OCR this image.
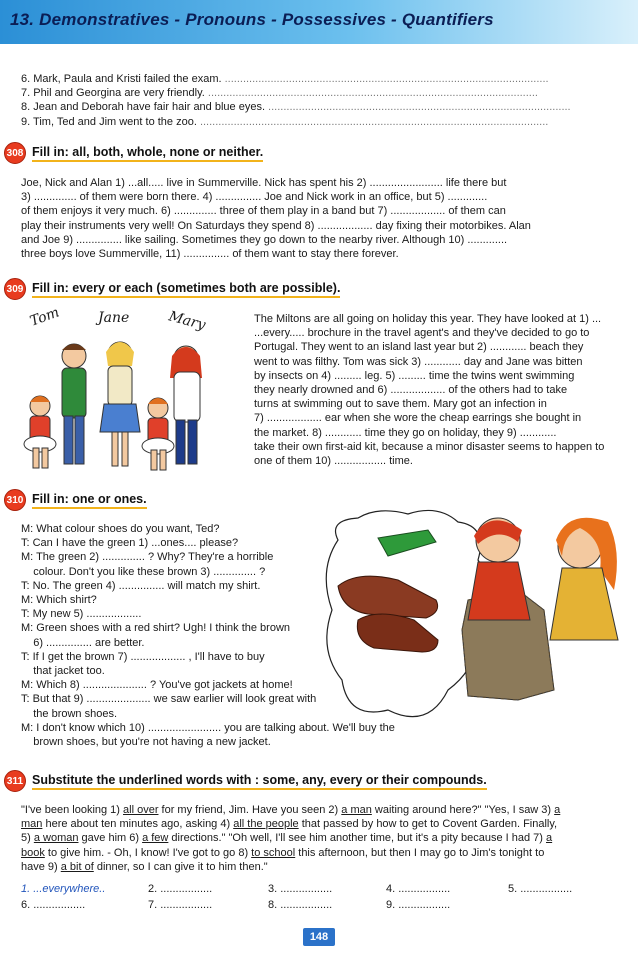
13. Demonstratives - Pronouns - Possessives - Quantifiers
6. Mark, Paula and Kristi failed the exam. ..........................................................................................................
7. Phil and Georgina are very friendly. ............................................................................................................
8. Jean and Deborah have fair hair and blue eyes. ...................................................................................................
9. Tim, Ted and Jim went to the zoo. ..................................................................................................................
308 Fill in: all, both, whole, none or neither.
Joe, Nick and Alan 1) ...all..... live in Summerville. Nick has spent his 2) ........................ life there but
3) .............. of them were born there. 4) ............... Joe and Nick work in an office, but 5) .............
of them enjoys it very much. 6) .............. three of them play in a band but 7) .................. of them can
play their instruments very well! On Saturdays they spend 8) .................. day fixing their motorbikes. Alan
and Joe 9) ............... like sailing. Sometimes they go down to the nearby river. Although 10) .............
three boys love Summerville, 11) ............... of them want to stay there forever.
309 Fill in: every or each (sometimes both are possible).
Tom	Jane	Mary	The Miltons are all going on holiday this year. They have looked at 1) ...
...every..... brochure in the travel agent's and they've decided to go to
Portugal. They went to an island last year but 2) ............ beach they
went to was filthy. Tom was sick 3) ............ day and Jane was bitten
by insects on 4) ......... leg. 5) ......... time the twins went swimming
they nearly drowned and 6) .................. of the others had to take
turns at swimming out to save them. Mary got an infection in
7) .................. ear when she wore the cheap earrings she bought in
the market. 8) ............ time they go on holiday, they 9) ............
take their own first-aid kit, because a minor disaster seems to happen to
one of them 10) ................. time.
310 Fill in: one or ones.
M: What colour shoes do you want, Ted?
T: Can I have the green 1) ...ones.... please?
M: The green 2) .............. ? Why? They're a horrible
colour. Don't you like these brown 3) .............. ?
T: No. The green 4) ............... will match my shirt.
M: Which shirt?
T: My new 5) ..................
M: Green shoes with a red shirt? Ugh! I think the brown
6) ............... are better.
T: If I get the brown 7) .................. , I'll have to buy
that jacket too.
M: Which 8) ..................... ? You've got jackets at home!
T: But that 9) ..................... we saw earlier will look great with
the brown shoes.
M: I don't know which 10) ........................ you are talking about. We'll buy the
brown shoes, but you're not having a new jacket.
311 Substitute the underlined words with : some, any, every or their compounds.
"I've been looking 1) all over for my friend, Jim. Have you seen 2) a man waiting around here?" "Yes, I saw 3) a
man here about ten minutes ago, asking 4) all the people that passed by how to get to Covent Garden. Finally,
5) a woman gave him 6) a few directions." "Oh well, I'll see him another time, but it's a pity because I had 7) a
book to give him. - Oh, I know! I've got to go 8) to school this afternoon, but then I may go to Jim's tonight to
have 9) a bit of dinner, so I can give it to him then."
1. ...everywhere..	2. .................	3. .................	4. .................	5. .................
6. .................	7. .................	8. .................	9. .................
148
